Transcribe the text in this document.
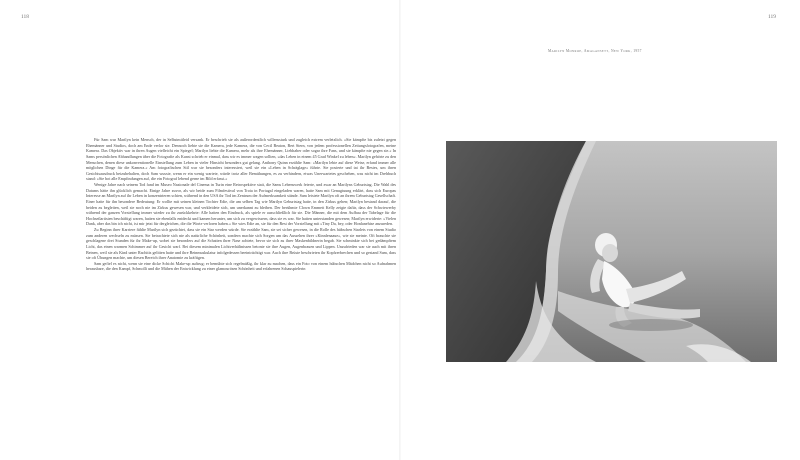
118	119
Marilyn Monroe, Amagansett, New York, 1957

Für Sam war Marilyn kein Mensch, der in Selbstmitleid versank. Er beschrieb sie als außerordentlich willensstark und zugleich extrem verletzlich. »Sie kämpfte bis zuletzt gegen Ehemänner und Studios, doch am Ende verlor sie. Dennoch liebte sie die Kamera, jede Kamera, die von Cecil Beaton, Bert Stern, von jedem professionellen Zeitungsfotografen, meine Kamera. Das Objektiv war in ihren Augen vielleicht ein Spiegel; Marilyn liebte die Kamera, mehr als ihre Ehemänner, Liebhaber oder sogar ihre Fans, und sie kämpfte nie gegen sie.« In Sams persönlichen Abhandlungen über die Fotografie als Kunst schrieb er einmal, dass wir es immer wagen sollten, »das Leben in einem 45 Grad Winkel zu leben«. Marilyn gehörte zu den Menschen, denen diese unkonventionelle Einstellung zum Leben in vieler Hinsicht besonders gut gelang. Anthony Quinn erzählte Sam: »Marilyn lebte auf diese Weise, erfand immer alle möglichen Dinge für die Kamera.« Am fotografischen Stil war sie besonders interessiert, weil sie ein »Leben in Schräglage« führte. Sie posierte und tat ihr Bestes, um ihren Gesichtsausdruck beizubehalten, doch Sam wusste, wenn er ein wenig wartete, würde trotz aller Bemühungen, es zu verhindern, etwas Unerwartetes geschehen, was nicht im Drehbuch stand: »Sie bot alle Empfindungen auf, die ein Fotograf lebend gerne im Bild erfasst.«

Wenige Jahre nach seinem Tod fand im Museo Nazionale del Cinema in Turin eine Retrospektive statt, die Sams Lebenswerk feierte, und zwar an Marilyns Geburtstag. Die Wahl des Datums hätte ihn glücklich gemacht. Einige Jahre zuvor, als wir beide zum Filmfestival von Troia in Portugal eingeladen waren, hatte Sam mit Genugtuung erklärt, dass sich Europas Interesse an Marilyn auf ihr Leben in konzentrieren schien, während in den USA ihr Tod im Zentrum der Aufmerksamkeit stände. Sam leistete Marilyn oft an ihrem Geburtstag Gesellschaft. Einer hatte für ihn besondere Bedeutung: Er wollte mit seinen kleinen Tochter Edie, die am selben Tag wie Marilyn Geburtstag hatte, in den Zirkus gehen; Marilyn bestand darauf, die beiden zu begleiten, weil sie noch nie im Zirkus gewesen war, und verkleidete sich, um unerkannt zu bleiben. Der berühmte Clown Emmett Kelly zeigte dafür, dass der Schwiewerby während der ganzen Vorstellung immer wieder zu ihr zurückkehrte: Alle hatten den Eindruck, als spiele er ausschließlich für sie. Die Männer, die mit dem Aufbau der Tabelage für die Hochseilartisten beschäftigt waren, hatten sie ebenfalls entdeckt und kamen herunter, um sich zu vergewissern, dass sie es war. Sie hatten unterstanden gewesen; Marilyn erwiderte: »Vielen Dank, aber das bin ich nicht, ist mir jetzt für dergleichen, die die Worte verloren haben.« Sie wies Edie an, sie für den Rest der Vorstellung mit »Tiny Da, bey, oder Honlanehise anzureden.

Zu Beginn ihrer Karriere fühlte Marilyn sich gezüchtet, dass sie ein Star werden würde. Sie erzählte Sam, sie sei sicher gewesen, in die Rolle des hübschen Starlets von einem Studio zum anderen wechseln zu müssen. Sie betrachtete sich nie als natürliche Schönheit, sondern machte sich Sorgen um das Aussehen ihrer »Kinnlenaaue«, wie sie meinte. Oft brauchte sie geschlagene drei Stunden für ihr Make-up, wobei sie besonders auf die Schatten ihrer Nase achtete, bevor sie sich zu ihrer Maskenbildnerin begab. Sie schminkte sich bei gedämpftem Licht, das einen warmen Schimmer auf ihr Gesicht warf. Bei diesem minimalen Lichtverhältnissen betonte sie ihre Augen, Augenbrauen und Lippen. Unzufrieden war sie auch mit ihren Beinen, weil sie als Kind unter Rachitis gelitten hatte und ihre Beinmuskulatur infolgedessen beeinträchtigt war. Auch ihre Brüste beschrieten ihr Kopfzerbrechen und so gestand Sam, dass sie oft Übungen machte, um diesen Bereich ihrer Anatomie zu kräftigen.

Sam gefiel es nicht, wenn sie eine dicke Schicht Make-up auftrug; er bemühte sich regelmäßig, ihr klar zu machen, dass ein Foto von einem hübschen Mädchen nicht so Aufnahmen herausbare, die den Kampf, Schmolli und die Mühen der Entwicklung zu einer glamourösen Schönheit und erfahrenen Schauspielerin
